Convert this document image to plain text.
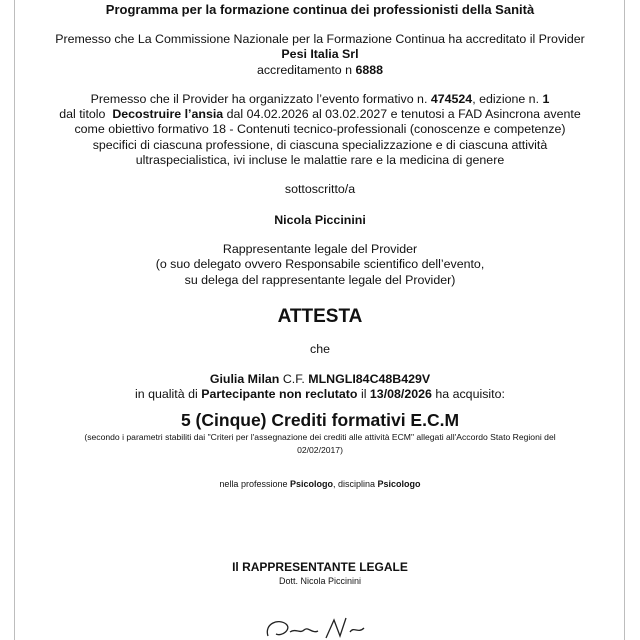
Programma per la formazione continua dei professionisti della Sanità
Premesso che La Commissione Nazionale per la Formazione Continua ha accreditato il Provider
Pesi Italia Srl
accreditamento n 6888
Premesso che il Provider ha organizzato l’evento formativo n. 474524, edizione n. 1
dal titolo Decostruire l’ansia dal 04.02.2026 al 03.02.2027 e tenutosi a FAD Asincrona avente
come obiettivo formativo 18 - Contenuti tecnico-professionali (conoscenze e competenze)
specifici di ciascuna professione, di ciascuna specializzazione e di ciascuna attività
ultraspecialistica, ivi incluse le malattie rare e la medicina di genere
sottoscritto/a
Nicola Piccinini
Rappresentante legale del Provider
(o suo delegato ovvero Responsabile scientifico dell’evento,
su delega del rappresentante legale del Provider)
ATTESTA
che
Giulia Milan C.F. MLNGLI84C48B429V
in qualità di Partecipante non reclutato il 13/08/2026 ha acquisito:
5 (Cinque) Crediti formativi E.C.M
(secondo i parametri stabiliti dai "Criteri per l'assegnazione dei crediti alle attività ECM" allegati all'Accordo Stato Regioni del
02/02/2017)
nella professione Psicologo, disciplina Psicologo
Il RAPPRESENTANTE LEGALE
Dott. Nicola Piccinini
